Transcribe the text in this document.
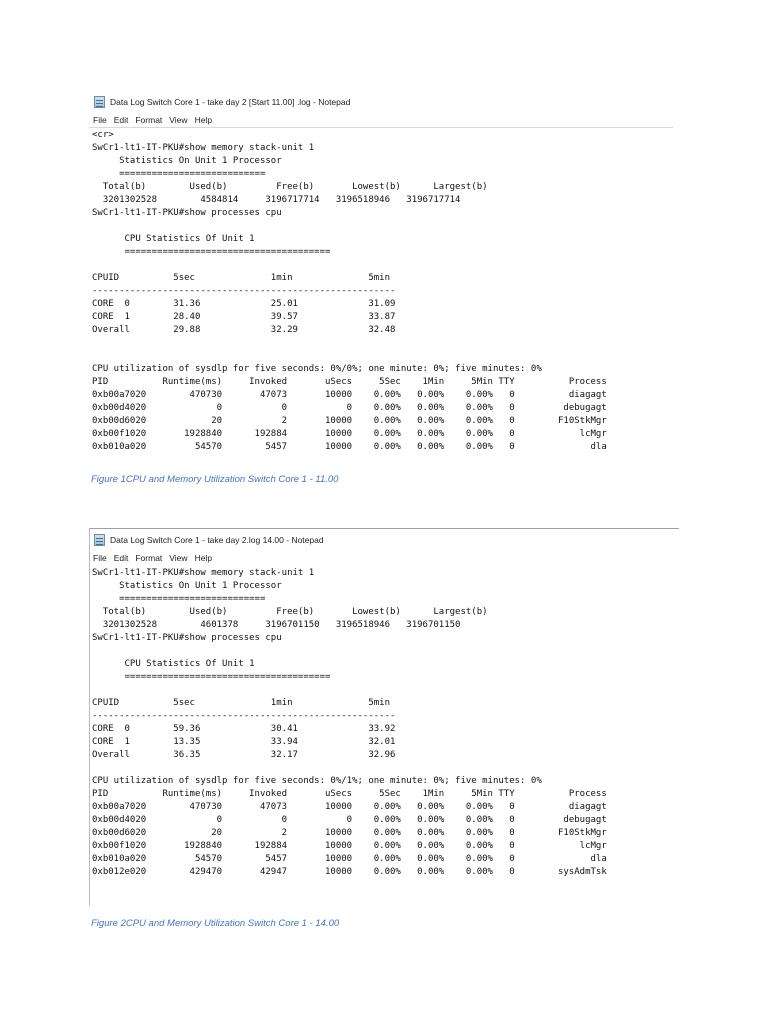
Data Log Switch Core 1 - take day 2 [Start 11.00] .log - Notepad
File Edit Format View Help
<cr>
SwCr1-lt1-IT-PKU#show memory stack-unit 1
Statistics On Unit 1 Processor
===========================
Total(b)        Used(b)         Free(b)       Lowest(b)      Largest(b)
3201302528        4584814     3196717714   3196518946   3196717714
SwCr1-lt1-IT-PKU#show processes cpu

CPU Statistics Of Unit 1
======================================

CPUID          5sec              1min              5min
--------------------------------------------------------
CORE  0        31.36             25.01             31.09
CORE  1        28.40             39.57             33.87
Overall        29.88             32.29             32.48

CPU utilization of sysdlp for five seconds: 0%/0%; one minute: 0%; five minutes: 0%
PID          Runtime(ms)     Invoked       uSecs     5Sec    1Min     5Min TTY          Process
0xb00a7020        470730       47073       10000    0.00%   0.00%    0.00%   0          diagagt
0xb00d4020             0           0           0    0.00%   0.00%    0.00%   0         debugagt
0xb00d6020            20           2       10000    0.00%   0.00%    0.00%   0        F10StkMgr
0xb00f1020       1928840      192884       10000    0.00%   0.00%    0.00%   0            lcMgr
0xb010a020         54570        5457       10000    0.00%   0.00%    0.00%   0              dla
Figure 1CPU and Memory Utilization Switch Core 1 - 11.00
Data Log Switch Core 1 - take day 2.log 14.00 - Notepad
File Edit Format View Help
SwCr1-lt1-IT-PKU#show memory stack-unit 1
Statistics On Unit 1 Processor
===========================
Total(b)        Used(b)         Free(b)       Lowest(b)      Largest(b)
3201302528        4601378     3196701150   3196518946   3196701150
SwCr1-lt1-IT-PKU#show processes cpu

CPU Statistics Of Unit 1
======================================

CPUID          5sec              1min              5min
--------------------------------------------------------
CORE  0        59.36             30.41             33.92
CORE  1        13.35             33.94             32.01
Overall        36.35             32.17             32.96

CPU utilization of sysdlp for five seconds: 0%/1%; one minute: 0%; five minutes: 0%
PID          Runtime(ms)     Invoked       uSecs     5Sec    1Min     5Min TTY          Process
0xb00a7020        470730       47073       10000    0.00%   0.00%    0.00%   0          diagagt
0xb00d4020             0           0           0    0.00%   0.00%    0.00%   0         debugagt
0xb00d6020            20           2       10000    0.00%   0.00%    0.00%   0        F10StkMgr
0xb00f1020       1928840      192884       10000    0.00%   0.00%    0.00%   0            lcMgr
0xb010a020         54570        5457       10000    0.00%   0.00%    0.00%   0              dla
0xb012e020        429470       42947       10000    0.00%   0.00%    0.00%   0        sysAdmTsk
Figure 2CPU and Memory Utilization Switch Core 1 - 14.00
